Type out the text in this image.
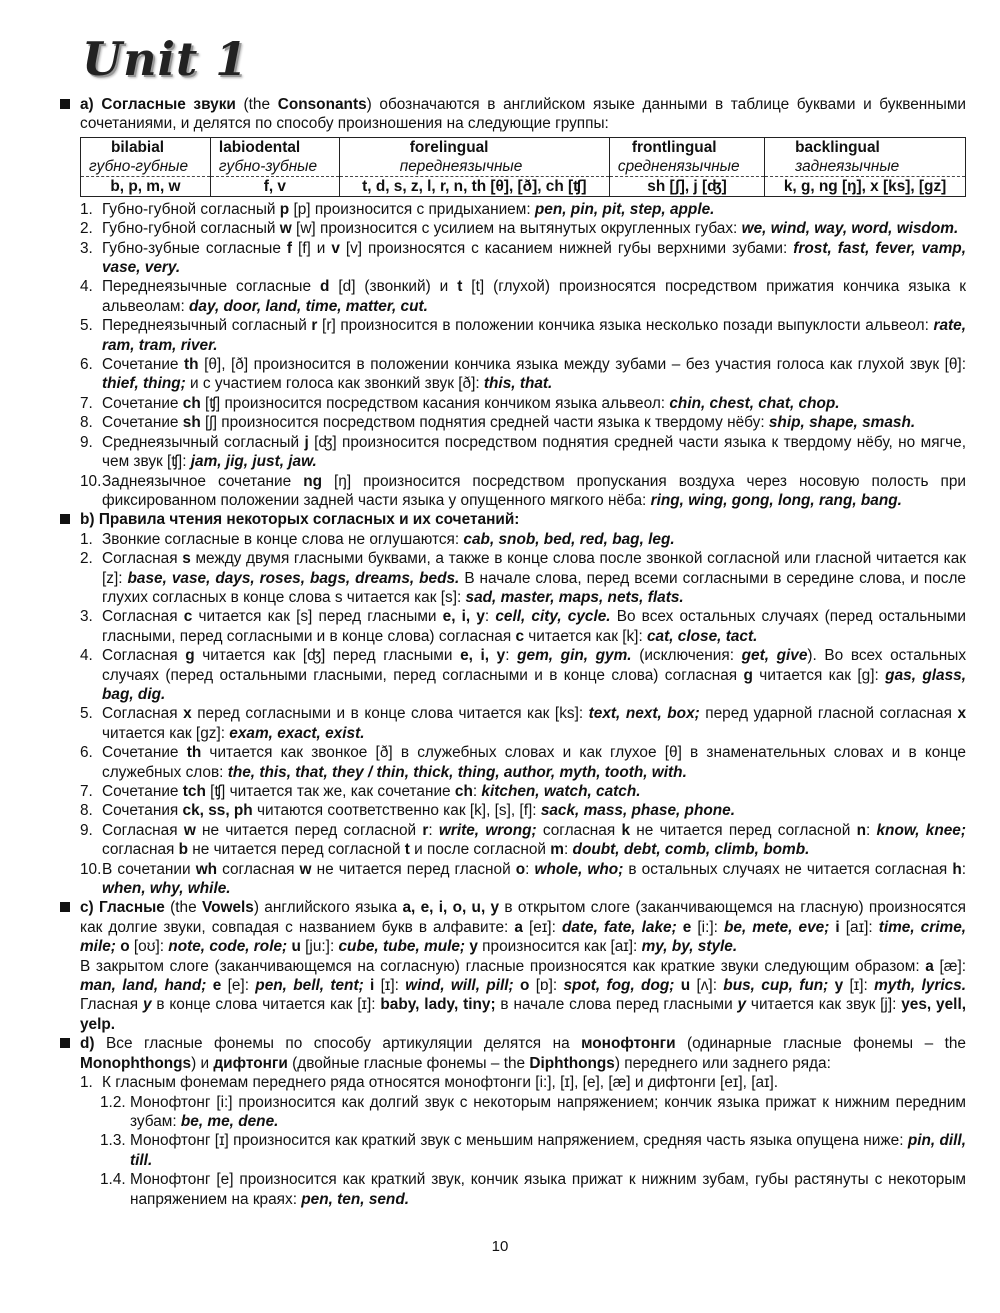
Unit 1
a) Согласные звуки (the Consonants) обозначаются в английском языке данными в таблице буквами и буквенными сочетаниями, и делятся по способу произношения на следующие группы:
bilabial	labiodental	forelingual	frontlingual	backlingual
губно-губные	губно-зубные	переднеязычные	средненязычные	заднеязычные
b, p, m, w	f, v	t, d, s, z, l, r, n, th [θ], [ð], ch [ʧ]	sh [ʃ], j [ʤ]	k, g, ng [ŋ], x [ks], [gz]
1. Губно-губной согласный p [p] произносится с придыханием: pen, pin, pit, step, apple.
2. Губно-губной согласный w [w] произносится с усилием на вытянутых округленных губах: we, wind, way, word, wisdom.
3. Губно-зубные согласные f [f] и v [v] произносятся с касанием нижней губы верхними зубами: frost, fast, fever, vamp, vase, very.
4. Переднеязычные согласные d [d] (звонкий) и t [t] (глухой) произносятся посредством прижатия кончика языка к альвеолам: day, door, land, time, matter, cut.
5. Переднеязычный согласный r [r] произносится в положении кончика языка несколько позади выпуклости альвеол: rate, ram, tram, river.
6. Сочетание th [θ], [ð] произносится в положении кончика языка между зубами – без участия голоса как глухой звук [θ]: thief, thing; и с участием голоса как звонкий звук [ð]: this, that.
7. Сочетание ch [ʧ] произносится посредством касания кончиком языка альвеол: chin, chest, chat, chop.
8. Сочетание sh [ʃ] произносится посредством поднятия средней части языка к твердому нёбу: ship, shape, smash.
9. Среднеязычный согласный j [ʤ] произносится посредством поднятия средней части языка к твердому нёбу, но мягче, чем звук [ʧ]: jam, jig, just, jaw.
10. Заднеязычное сочетание ng [ŋ] произносится посредством пропускания воздуха через носовую полость при фиксированном положении задней части языка у опущенного мягкого нёба: ring, wing, gong, long, rang, bang.
b) Правила чтения некоторых согласных и их сочетаний:
1. Звонкие согласные в конце слова не оглушаются: cab, snob, bed, red, bag, leg.
2. Согласная s между двумя гласными буквами, а также в конце слова после звонкой согласной или гласной читается как [z]: base, vase, days, roses, bags, dreams, beds. В начале слова, перед всеми согласными в середине слова, и после глухих согласных в конце слова s читается как [s]: sad, master, maps, nets, flats.
3. Согласная c читается как [s] перед гласными e, i, y: cell, city, cycle. Во всех остальных случаях (перед остальными гласными, перед согласными и в конце слова) согласная c читается как [k]: cat, close, tact.
4. Согласная g читается как [ʤ] перед гласными e, i, y: gem, gin, gym. (исключения: get, give). Во всех остальных случаях (перед остальными гласными, перед согласными и в конце слова) согласная g читается как [g]: gas, glass, bag, dig.
5. Согласная x перед согласными и в конце слова читается как [ks]: text, next, box; перед ударной гласной согласная x читается как [gz]: exam, exact, exist.
6. Сочетание th читается как звонкое [ð] в служебных словах и как глухое [θ] в знаменательных словах и в конце служебных слов: the, this, that, they / thin, thick, thing, author, myth, tooth, with.
7. Сочетание tch [ʧ] читается так же, как сочетание ch: kitchen, watch, catch.
8. Сочетания ck, ss, ph читаются соответственно как [k], [s], [f]: sack, mass, phase, phone.
9. Согласная w не читается перед согласной r: write, wrong; согласная k не читается перед согласной n: know, knee; согласная b не читается перед согласной t и после согласной m: doubt, debt, comb, climb, bomb.
10. В сочетании wh согласная w не читается перед гласной o: whole, who; в остальных случаях не читается согласная h: when, why, while.
c) Гласные (the Vowels) английского языка a, e, i, o, u, y в открытом слоге (заканчивающемся на гласную) произносятся как долгие звуки, совпадая с названием букв в алфавите: a [eɪ]: date, fate, lake; e [i:]: be, mete, eve; i [aɪ]: time, crime, mile; o [oʊ]: note, code, role; u [ju:]: cube, tube, mule; y произносится как [aɪ]: my, by, style.
В закрытом слоге (заканчивающемся на согласную) гласные произносятся как краткие звуки следующим образом: a [æ]: man, land, hand; e [e]: pen, bell, tent; i [ɪ]: wind, will, pill; o [ɒ]: spot, fog, dog; u [ʌ]: bus, cup, fun; y [ɪ]: myth, lyrics. Гласная y в конце слова читается как [ɪ]: baby, lady, tiny; в начале слова перед гласными y читается как звук [j]: yes, yell, yelp.
d) Все гласные фонемы по способу артикуляции делятся на монофтонги (одинарные гласные фонемы – the Monophthongs) и дифтонги (двойные гласные фонемы – the Diphthongs) переднего или заднего ряда:
1. К гласным фонемам переднего ряда относятся монофтонги [i:], [ɪ], [e], [æ] и дифтонги [eɪ], [aɪ].
1.2. Монофтонг [i:] произносится как долгий звук с некоторым напряжением; кончик языка прижат к нижним передним зубам: be, me, dene.
1.3. Монофтонг [ɪ] произносится как краткий звук с меньшим напряжением, средняя часть языка опущена ниже: pin, dill, till.
1.4. Монофтонг [e] произносится как краткий звук, кончик языка прижат к нижним зубам, губы растянуты с некоторым напряжением на краях: pen, ten, send.
10
